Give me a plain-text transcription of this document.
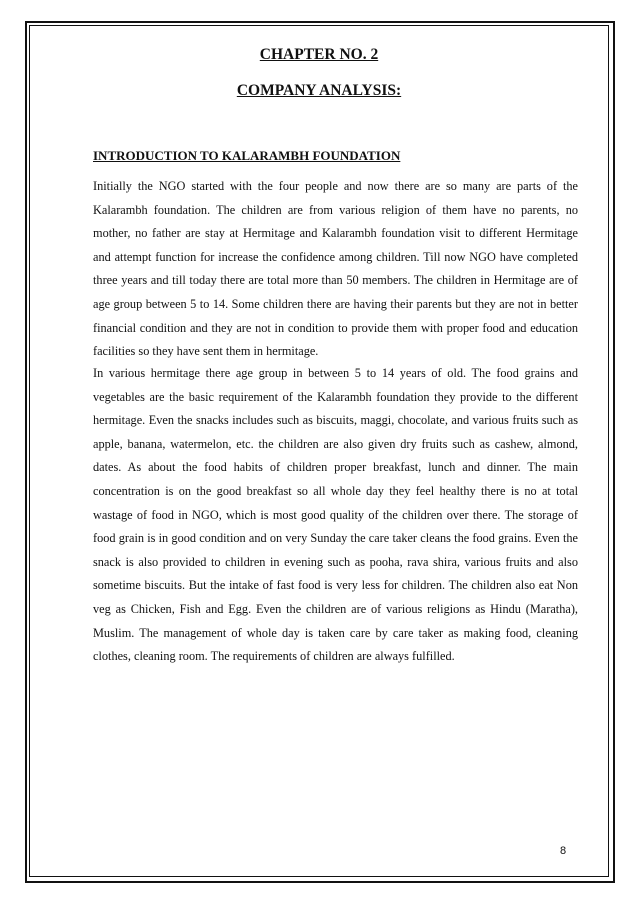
CHAPTER NO. 2
COMPANY ANALYSIS:
INTRODUCTION TO KALARAMBH FOUNDATION

Initially the NGO started with the four people and now there are so many are parts of the Kalarambh foundation. The children are from various religion of them have no parents, no mother, no father are stay at Hermitage and Kalarambh foundation visit to different Hermitage and attempt function for increase the confidence among children. Till now NGO have completed three years and till today there are total more than 50 members. The children in Hermitage are of age group between 5 to 14. Some children there are having their parents but they are not in better financial condition and they are not in condition to provide them with proper food and education facilities so they have sent them in hermitage.

In various hermitage there age group in between 5 to 14 years of old. The food grains and vegetables are the basic requirement of the Kalarambh foundation they provide to the different hermitage. Even the snacks includes such as biscuits, maggi, chocolate, and various fruits such as apple, banana, watermelon, etc. the children are also given dry fruits such as cashew, almond, dates. As about the food habits of children proper breakfast, lunch and dinner. The main concentration is on the good breakfast so all whole day they feel healthy there is no at total wastage of food in NGO, which is most good quality of the children over there. The storage of food grain is in good condition and on very Sunday the care taker cleans the food grains. Even the snack is also provided to children in evening such as pooha, rava shira, various fruits and also sometime biscuits. But the intake of fast food is very less for children. The children also eat Non veg as Chicken, Fish and Egg. Even the children are of various religions as Hindu (Maratha), Muslim. The management of whole day is taken care by care taker as making food, cleaning clothes, cleaning room. The requirements of children are always fulfilled.

8
